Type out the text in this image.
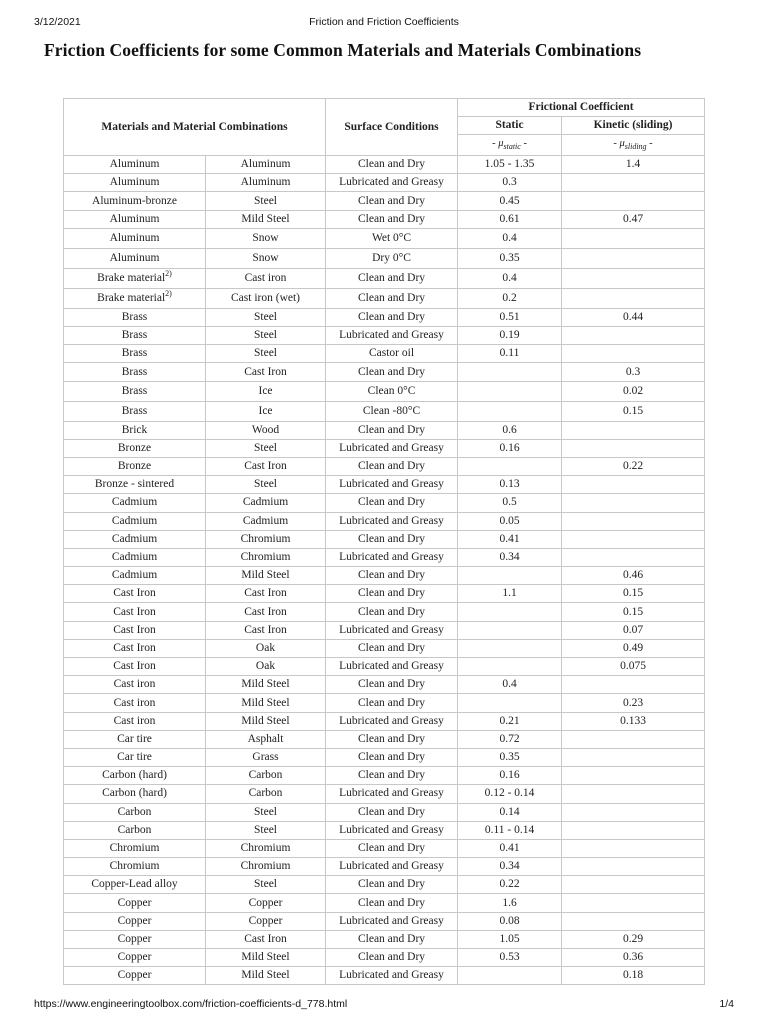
3/12/2021	Friction and Friction Coefficients
Friction Coefficients for some Common Materials and Materials Combinations
Materials and Material Combinations		Surface Conditions	Frictional Coefficient	
			Static	Kinetic (sliding)
			- $\mu_{static}$ -	- $\mu_{sliding}$ -
Aluminum	Aluminum	Clean and Dry	1.05 - 1.35	1.4
Aluminum	Aluminum	Lubricated and Greasy	0.3	
Aluminum-bronze	Steel	Clean and Dry	0.45	
Aluminum	Mild Steel	Clean and Dry	0.61	0.47
Aluminum	Snow	Wet 0°C	0.4	
Aluminum	Snow	Dry 0°C	0.35	
Brake material$^{2)}$	Cast iron	Clean and Dry	0.4	
Brake material$^{2)}$	Cast iron (wet)	Clean and Dry	0.2	
Brass	Steel	Clean and Dry	0.51	0.44
Brass	Steel	Lubricated and Greasy	0.19	
Brass	Steel	Castor oil	0.11	
Brass	Cast Iron	Clean and Dry		0.3
Brass	Ice	Clean 0°C		0.02
Brass	Ice	Clean -80°C		0.15
Brick	Wood	Clean and Dry	0.6	
Bronze	Steel	Lubricated and Greasy	0.16	
Bronze	Cast Iron	Clean and Dry		0.22
Bronze - sintered	Steel	Lubricated and Greasy	0.13	
Cadmium	Cadmium	Clean and Dry	0.5	
Cadmium	Cadmium	Lubricated and Greasy	0.05	
Cadmium	Chromium	Clean and Dry	0.41	
Cadmium	Chromium	Lubricated and Greasy	0.34	
Cadmium	Mild Steel	Clean and Dry		0.46
Cast Iron	Cast Iron	Clean and Dry	1.1	0.15
Cast Iron	Cast Iron	Clean and Dry		0.15
Cast Iron	Cast Iron	Lubricated and Greasy		0.07
Cast Iron	Oak	Clean and Dry		0.49
Cast Iron	Oak	Lubricated and Greasy		0.075
Cast iron	Mild Steel	Clean and Dry	0.4	
Cast iron	Mild Steel	Clean and Dry		0.23
Cast iron	Mild Steel	Lubricated and Greasy	0.21	0.133
Car tire	Asphalt	Clean and Dry	0.72	
Car tire	Grass	Clean and Dry	0.35	
Carbon (hard)	Carbon	Clean and Dry	0.16	
Carbon (hard)	Carbon	Lubricated and Greasy	0.12 - 0.14	
Carbon	Steel	Clean and Dry	0.14	
Carbon	Steel	Lubricated and Greasy	0.11 - 0.14	
Chromium	Chromium	Clean and Dry	0.41	
Chromium	Chromium	Lubricated and Greasy	0.34	
Copper-Lead alloy	Steel	Clean and Dry	0.22	
Copper	Copper	Clean and Dry	1.6	
Copper	Copper	Lubricated and Greasy	0.08	
Copper	Cast Iron	Clean and Dry	1.05	0.29
Copper	Mild Steel	Clean and Dry	0.53	0.36
Copper	Mild Steel	Lubricated and Greasy		0.18
https://www.engineeringtoolbox.com/friction-coefficients-d_778.html	1/4
